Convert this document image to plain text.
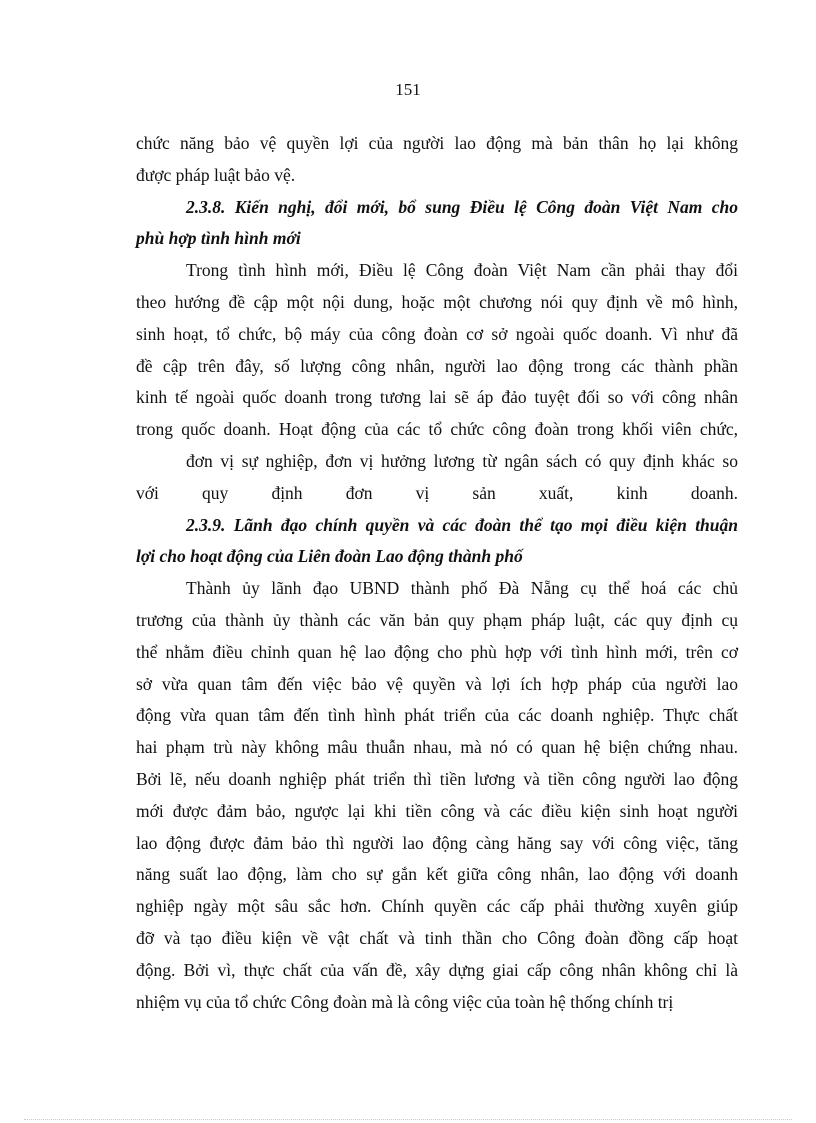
151
chức năng bảo vệ quyền lợi của người lao động mà bản thân họ lại không
được pháp luật bảo vệ.
2.3.8. Kiến nghị, đổi mới, bổ sung Điều lệ Công đoàn Việt Nam cho
phù hợp tình hình mới
Trong tình hình mới, Điều lệ Công đoàn Việt Nam cần phải thay đổi
theo hướng đề cập một nội dung, hoặc một chương nói quy định về mô hình,
sinh hoạt, tổ chức, bộ máy của công đoàn cơ sở ngoài quốc doanh. Vì như đã
đề cập trên đây, số lượng công nhân, người lao động trong các thành phần
kinh tế ngoài quốc doanh trong tương lai sẽ áp đảo tuyệt đối so với công nhân
trong quốc doanh. Hoạt động của các tổ chức công đoàn trong khối viên chức,
đơn vị sự nghiệp, đơn vị hưởng lương từ ngân sách có quy định khác so
với quy định đơn vị sản xuất, kinh doanh.
2.3.9. Lãnh đạo chính quyền và các đoàn thể tạo mọi điều kiện thuận
lợi cho hoạt động của Liên đoàn Lao động thành phố
Thành ủy lãnh đạo UBND thành phố Đà Nẵng cụ thể hoá các chủ
trương của thành ủy thành các văn bản quy phạm pháp luật, các quy định cụ
thể nhằm điều chỉnh quan hệ lao động cho phù hợp với tình hình mới, trên cơ
sở vừa quan tâm đến việc bảo vệ quyền và lợi ích hợp pháp của người lao
động vừa quan tâm đến tình hình phát triển của các doanh nghiệp. Thực chất
hai phạm trù này không mâu thuẫn nhau, mà nó có quan hệ biện chứng nhau.
Bởi lẽ, nếu doanh nghiệp phát triển thì tiền lương và tiền công người lao động
mới được đảm bảo, ngược lại khi tiền công và các điều kiện sinh hoạt người
lao động được đảm bảo thì người lao động càng hăng say với công việc, tăng
năng suất lao động, làm cho sự gắn kết giữa công nhân, lao động với doanh
nghiệp ngày một sâu sắc hơn. Chính quyền các cấp phải thường xuyên giúp
đỡ và tạo điều kiện về vật chất và tinh thần cho Công đoàn đồng cấp hoạt
động. Bởi vì, thực chất của vấn đề, xây dựng giai cấp công nhân không chỉ là
nhiệm vụ của tổ chức Công đoàn mà là công việc của toàn hệ thống chính trị
